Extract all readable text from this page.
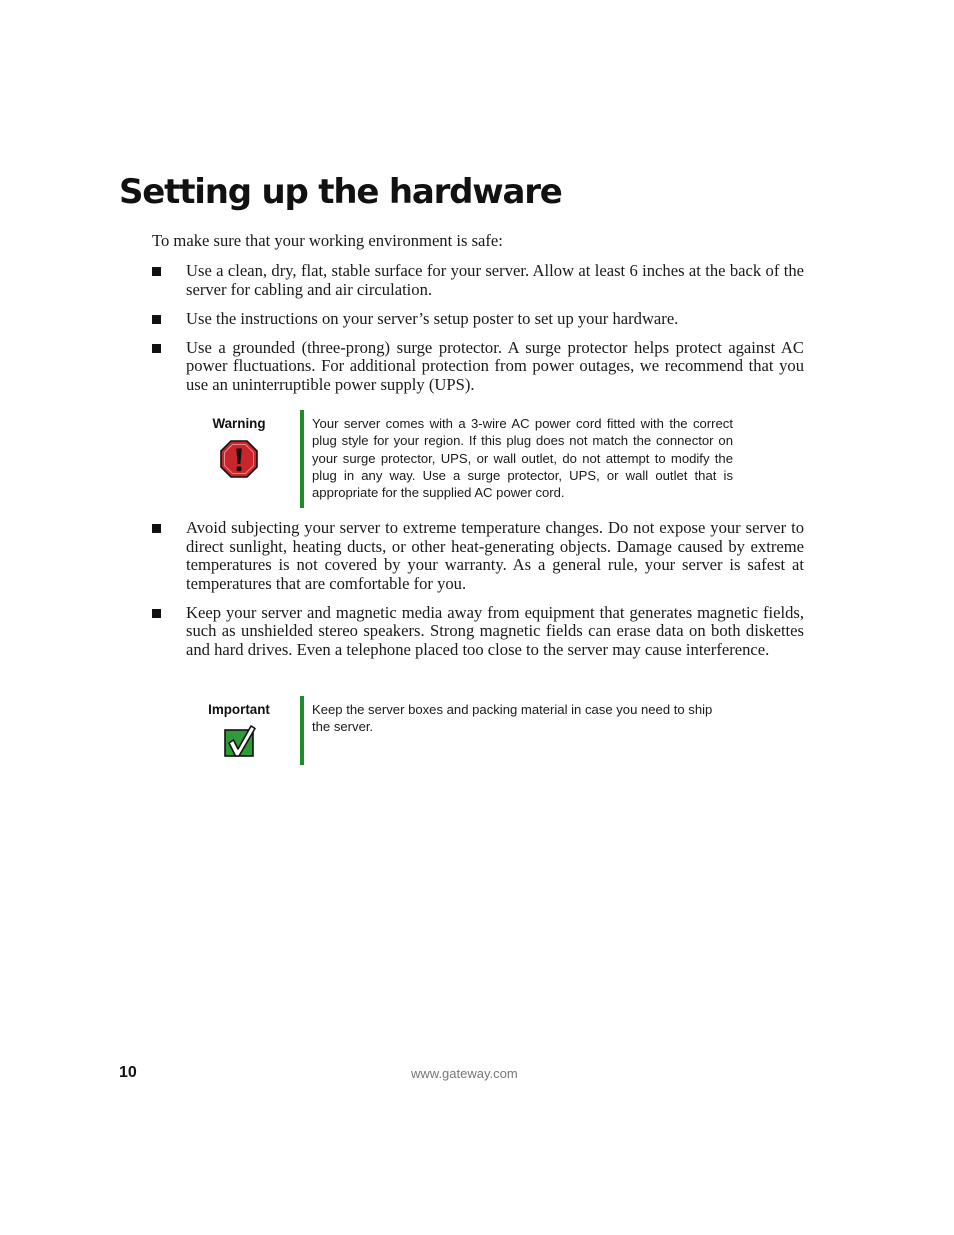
Setting up the hardware

To make sure that your working environment is safe:

Use a clean, dry, flat, stable surface for your server. Allow at least 6 inches at the back of the server for cabling and air circulation.
Use the instructions on your server’s setup poster to set up your hardware.
Use a grounded (three-prong) surge protector. A surge protector helps protect against AC power fluctuations. For additional protection from power outages, we recommend that you use an uninterruptible power supply (UPS).
Warning	Your server comes with a 3-wire AC power cord fitted with the correct plug style for your region. If this plug does not match the connector on your surge protector, UPS, or wall outlet, do not attempt to modify the plug in any way. Use a surge protector, UPS, or wall outlet that is appropriate for the supplied AC power cord.

Avoid subjecting your server to extreme temperature changes. Do not expose your server to direct sunlight, heating ducts, or other heat-generating objects. Damage caused by extreme temperatures is not covered by your warranty. As a general rule, your server is safest at temperatures that are comfortable for you.
Keep your server and magnetic media away from equipment that generates magnetic fields, such as unshielded stereo speakers. Strong magnetic fields can erase data on both diskettes and hard drives. Even a telephone placed too close to the server may cause interference.
Important	Keep the server boxes and packing material in case you need to ship the server.

10	www.gateway.com
